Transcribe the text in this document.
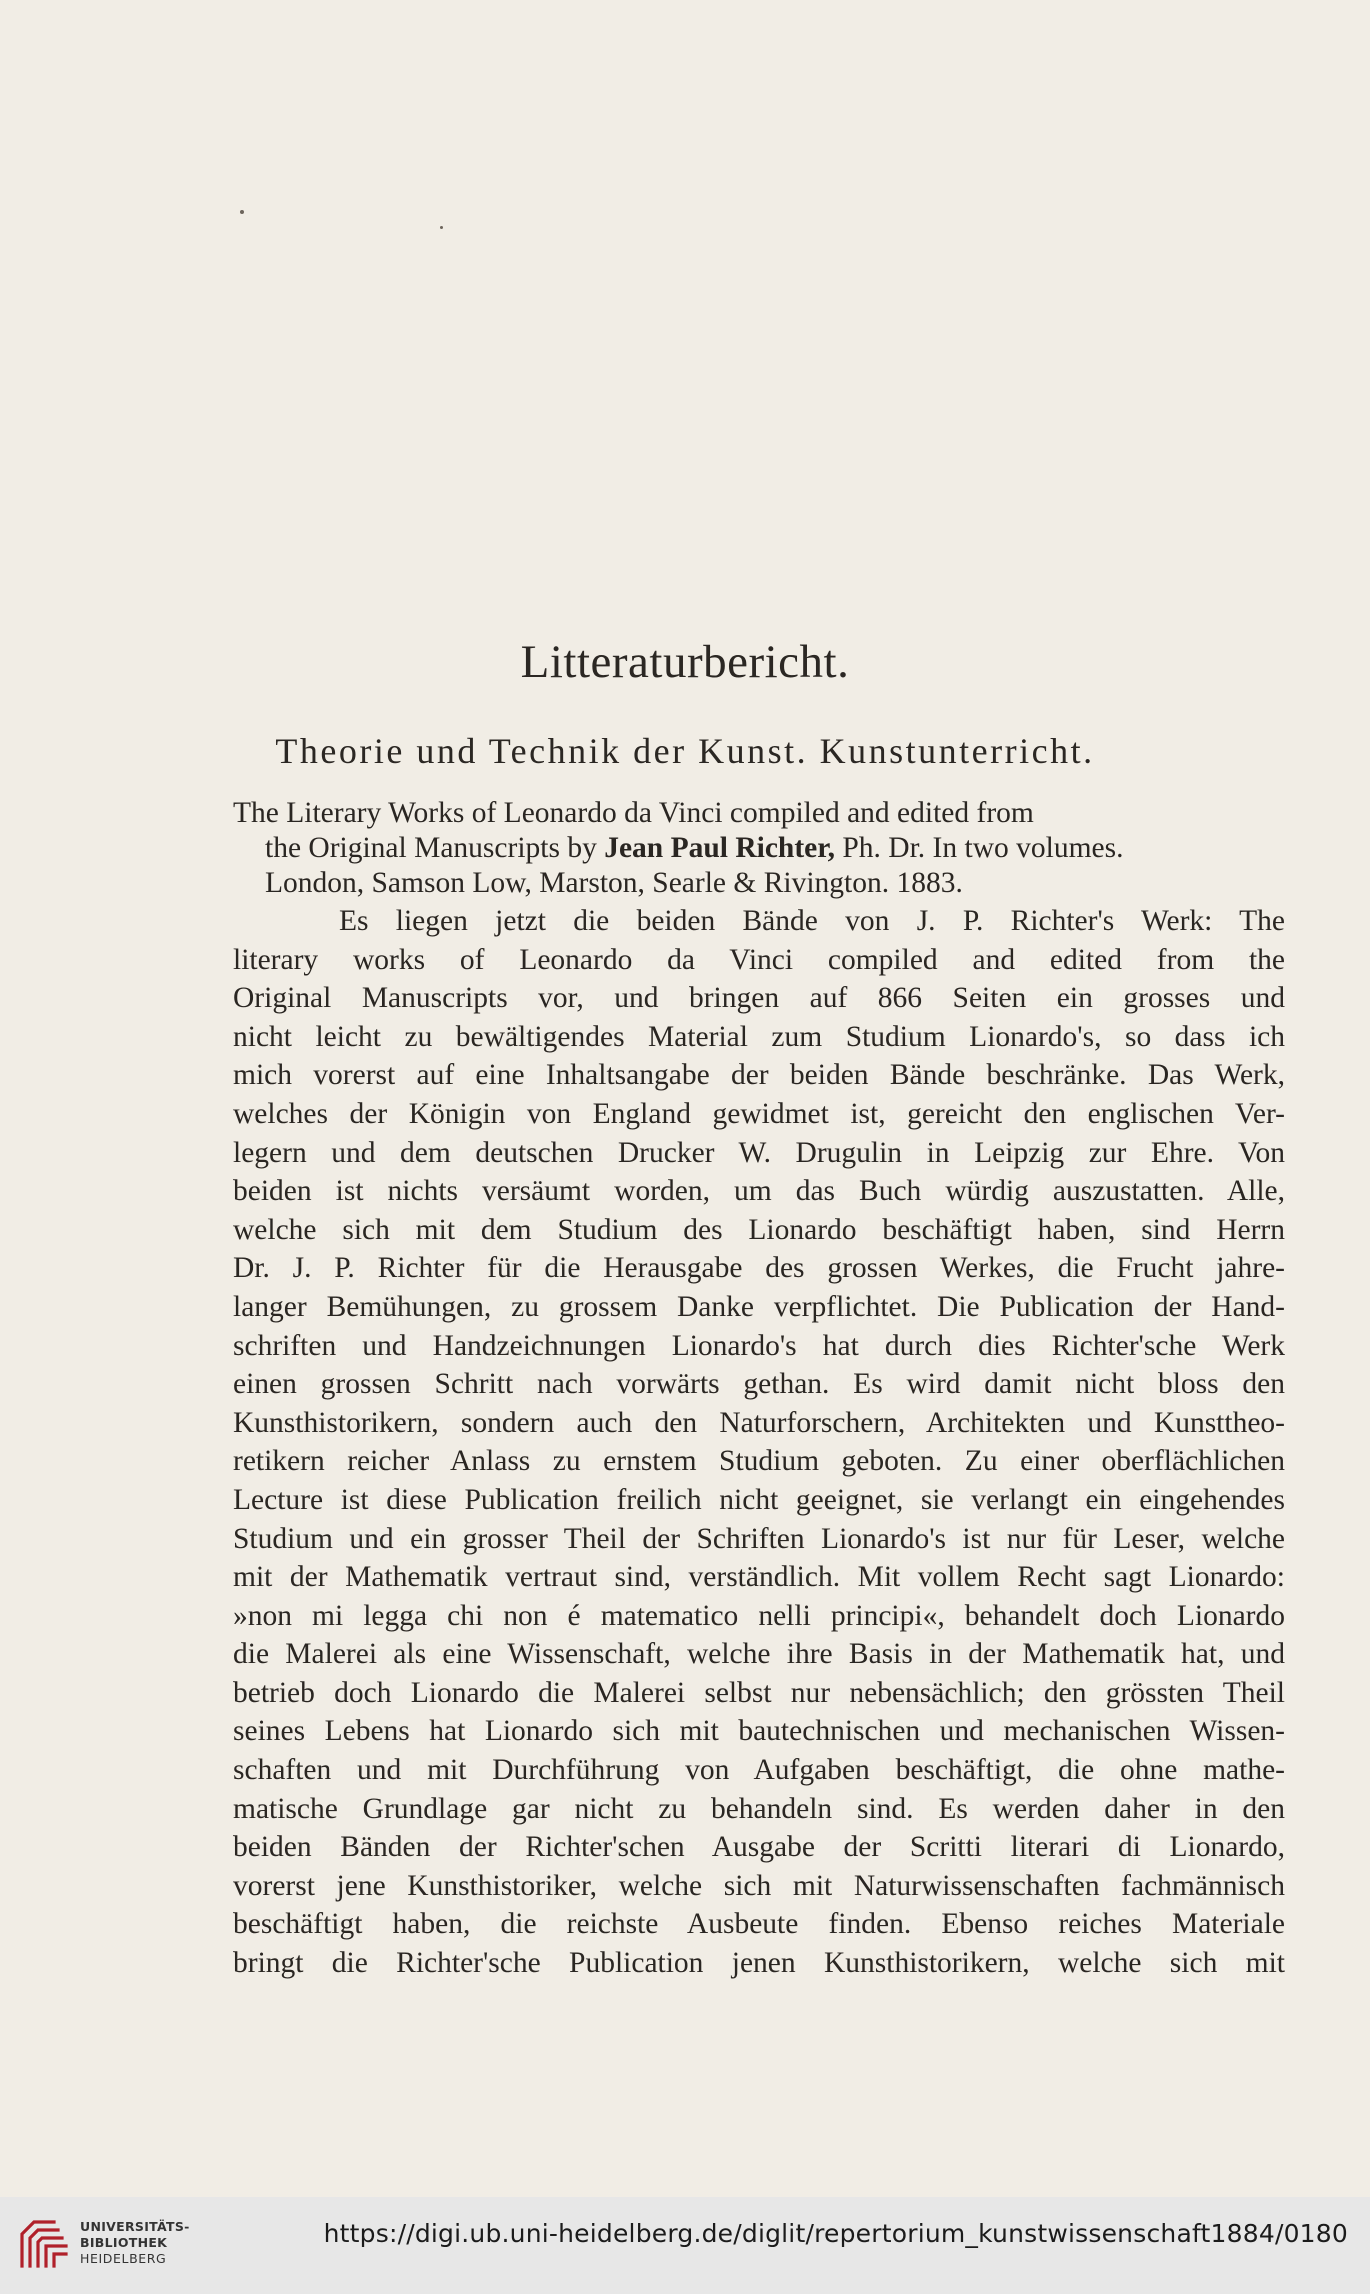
Litteraturbericht.
Theorie und Technik der Kunst. Kunstunterricht.
The Literary Works of Leonardo da Vinci compiled and edited from
the Original Manuscripts by Jean Paul Richter, Ph. Dr. In two volumes.
London, Samson Low, Marston, Searle & Rivington. 1883.
Es liegen jetzt die beiden Bände von J. P. Richter's Werk: The
literary works of Leonardo da Vinci compiled and edited from the
Original Manuscripts vor, und bringen auf 866 Seiten ein grosses und
nicht leicht zu bewältigendes Material zum Studium Lionardo's, so dass ich
mich vorerst auf eine Inhaltsangabe der beiden Bände beschränke. Das Werk,
welches der Königin von England gewidmet ist, gereicht den englischen Ver-
legern und dem deutschen Drucker W. Drugulin in Leipzig zur Ehre. Von
beiden ist nichts versäumt worden, um das Buch würdig auszustatten. Alle,
welche sich mit dem Studium des Lionardo beschäftigt haben, sind Herrn
Dr. J. P. Richter für die Herausgabe des grossen Werkes, die Frucht jahre-
langer Bemühungen, zu grossem Danke verpflichtet. Die Publication der Hand-
schriften und Handzeichnungen Lionardo's hat durch dies Richter'sche Werk
einen grossen Schritt nach vorwärts gethan. Es wird damit nicht bloss den
Kunsthistorikern, sondern auch den Naturforschern, Architekten und Kunsttheo-
retikern reicher Anlass zu ernstem Studium geboten. Zu einer oberflächlichen
Lecture ist diese Publication freilich nicht geeignet, sie verlangt ein eingehendes
Studium und ein grosser Theil der Schriften Lionardo's ist nur für Leser, welche
mit der Mathematik vertraut sind, verständlich. Mit vollem Recht sagt Lionardo:
»non mi legga chi non é matematico nelli principi«, behandelt doch Lionardo
die Malerei als eine Wissenschaft, welche ihre Basis in der Mathematik hat, und
betrieb doch Lionardo die Malerei selbst nur nebensächlich; den grössten Theil
seines Lebens hat Lionardo sich mit bautechnischen und mechanischen Wissen-
schaften und mit Durchführung von Aufgaben beschäftigt, die ohne mathe-
matische Grundlage gar nicht zu behandeln sind. Es werden daher in den
beiden Bänden der Richter'schen Ausgabe der Scritti literari di Lionardo,
vorerst jene Kunsthistoriker, welche sich mit Naturwissenschaften fachmännisch
beschäftigt haben, die reichste Ausbeute finden. Ebenso reiches Materiale
bringt die Richter'sche Publication jenen Kunsthistorikern, welche sich mit
UNIVERSITÄTS-
BIBLIOTHEK
HEIDELBERG
https://digi.ub.uni-heidelberg.de/diglit/repertorium_kunstwissenschaft1884/0180
